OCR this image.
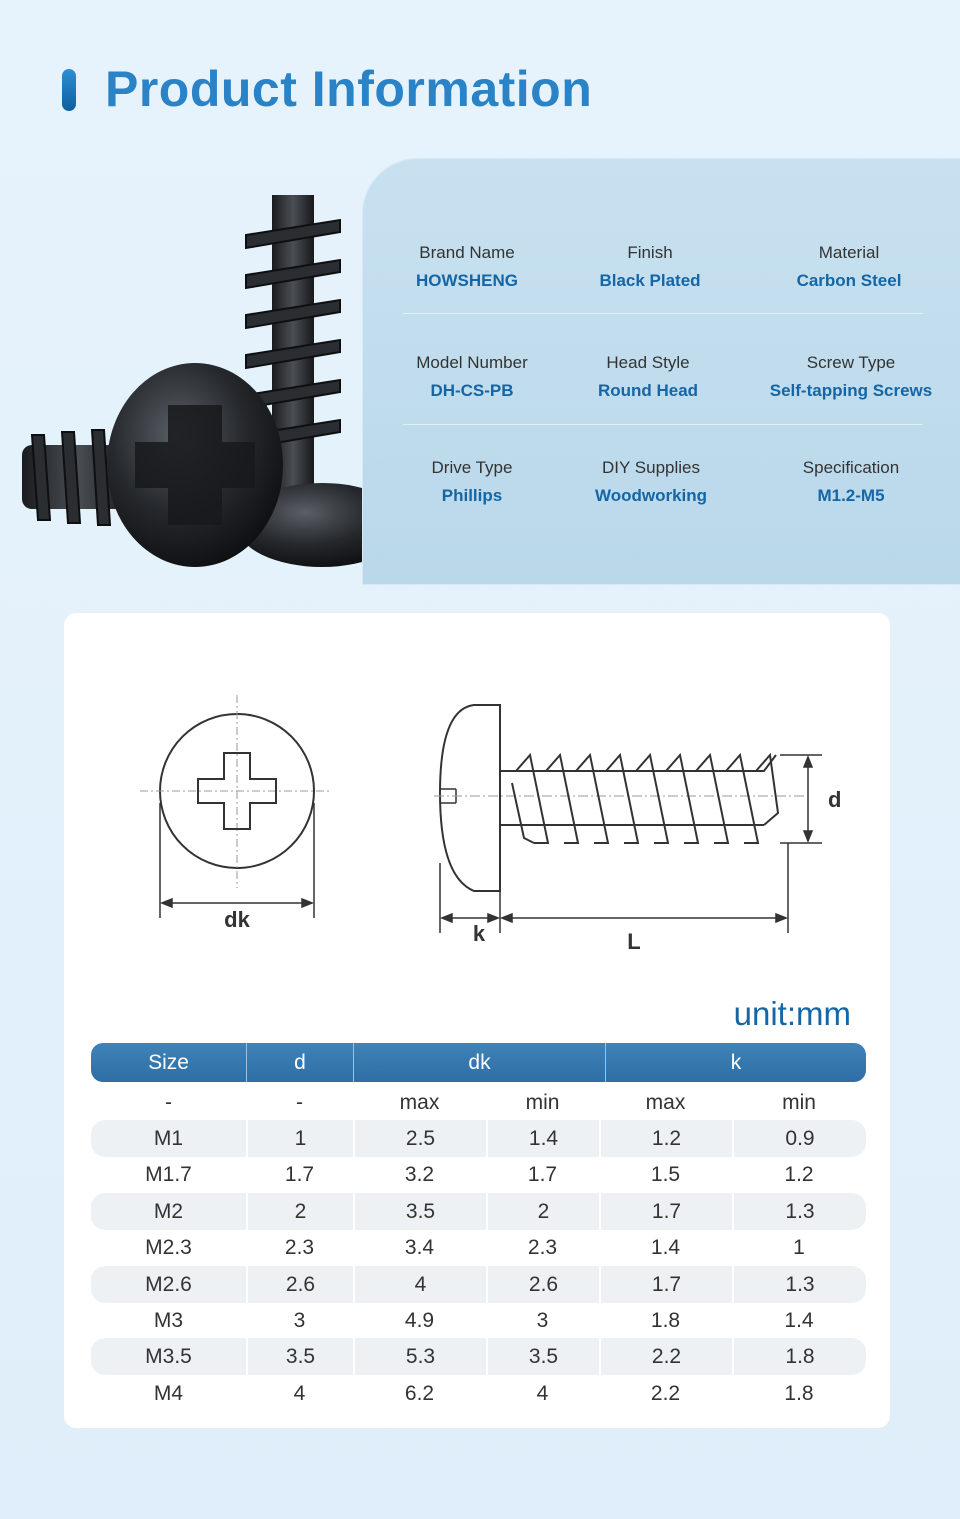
Product Information
Brand Name
HOWSHENG
Finish
Black Plated
Material
Carbon Steel
Model Number
DH-CS-PB
Head Style
Round Head
Screw Type
Self-tapping Screws
Drive Type
Phillips
DIY Supplies
Woodworking
Specification
M1.2-M5
dk
d
k	L
unit:mm
Size	d	dk	k
-	-	max	min	max	min
M1	1	2.5	1.4	1.2	0.9
M1.7	1.7	3.2	1.7	1.5	1.2
M2	2	3.5	2	1.7	1.3
M2.3	2.3	3.4	2.3	1.4	1
M2.6	2.6	4	2.6	1.7	1.3
M3	3	4.9	3	1.8	1.4
M3.5	3.5	5.3	3.5	2.2	1.8
M4	4	6.2	4	2.2	1.8
